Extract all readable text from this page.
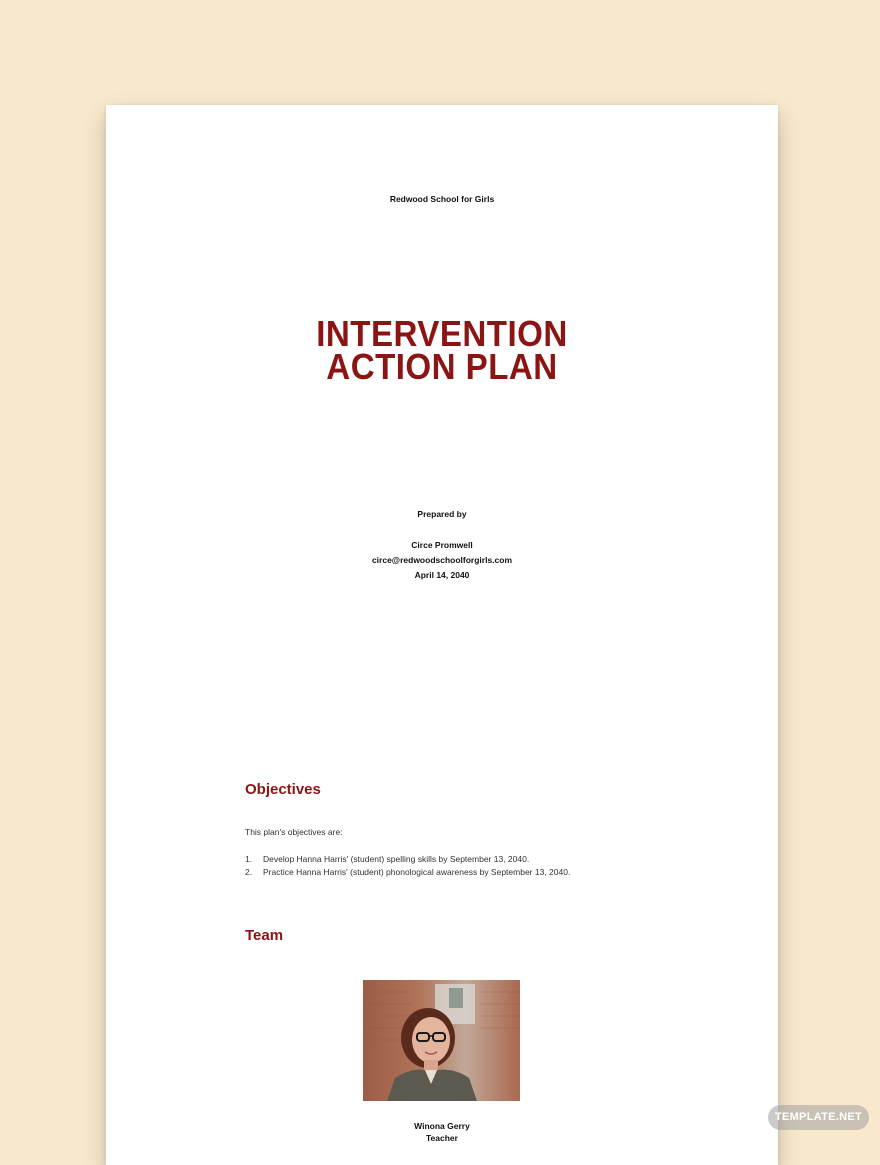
Redwood School for Girls
INTERVENTION
ACTION PLAN
Prepared by
Circe Promwell
circe@redwoodschoolforgirls.com
April 14, 2040
Objectives
This plan's objectives are:
1.	Develop Hanna Harris' (student) spelling skills by September 13, 2040.
2.	Practice Hanna Harris' (student) phonological awareness by September 13, 2040.
Team
Winona Gerry
Teacher
TEMPLATE.NET
